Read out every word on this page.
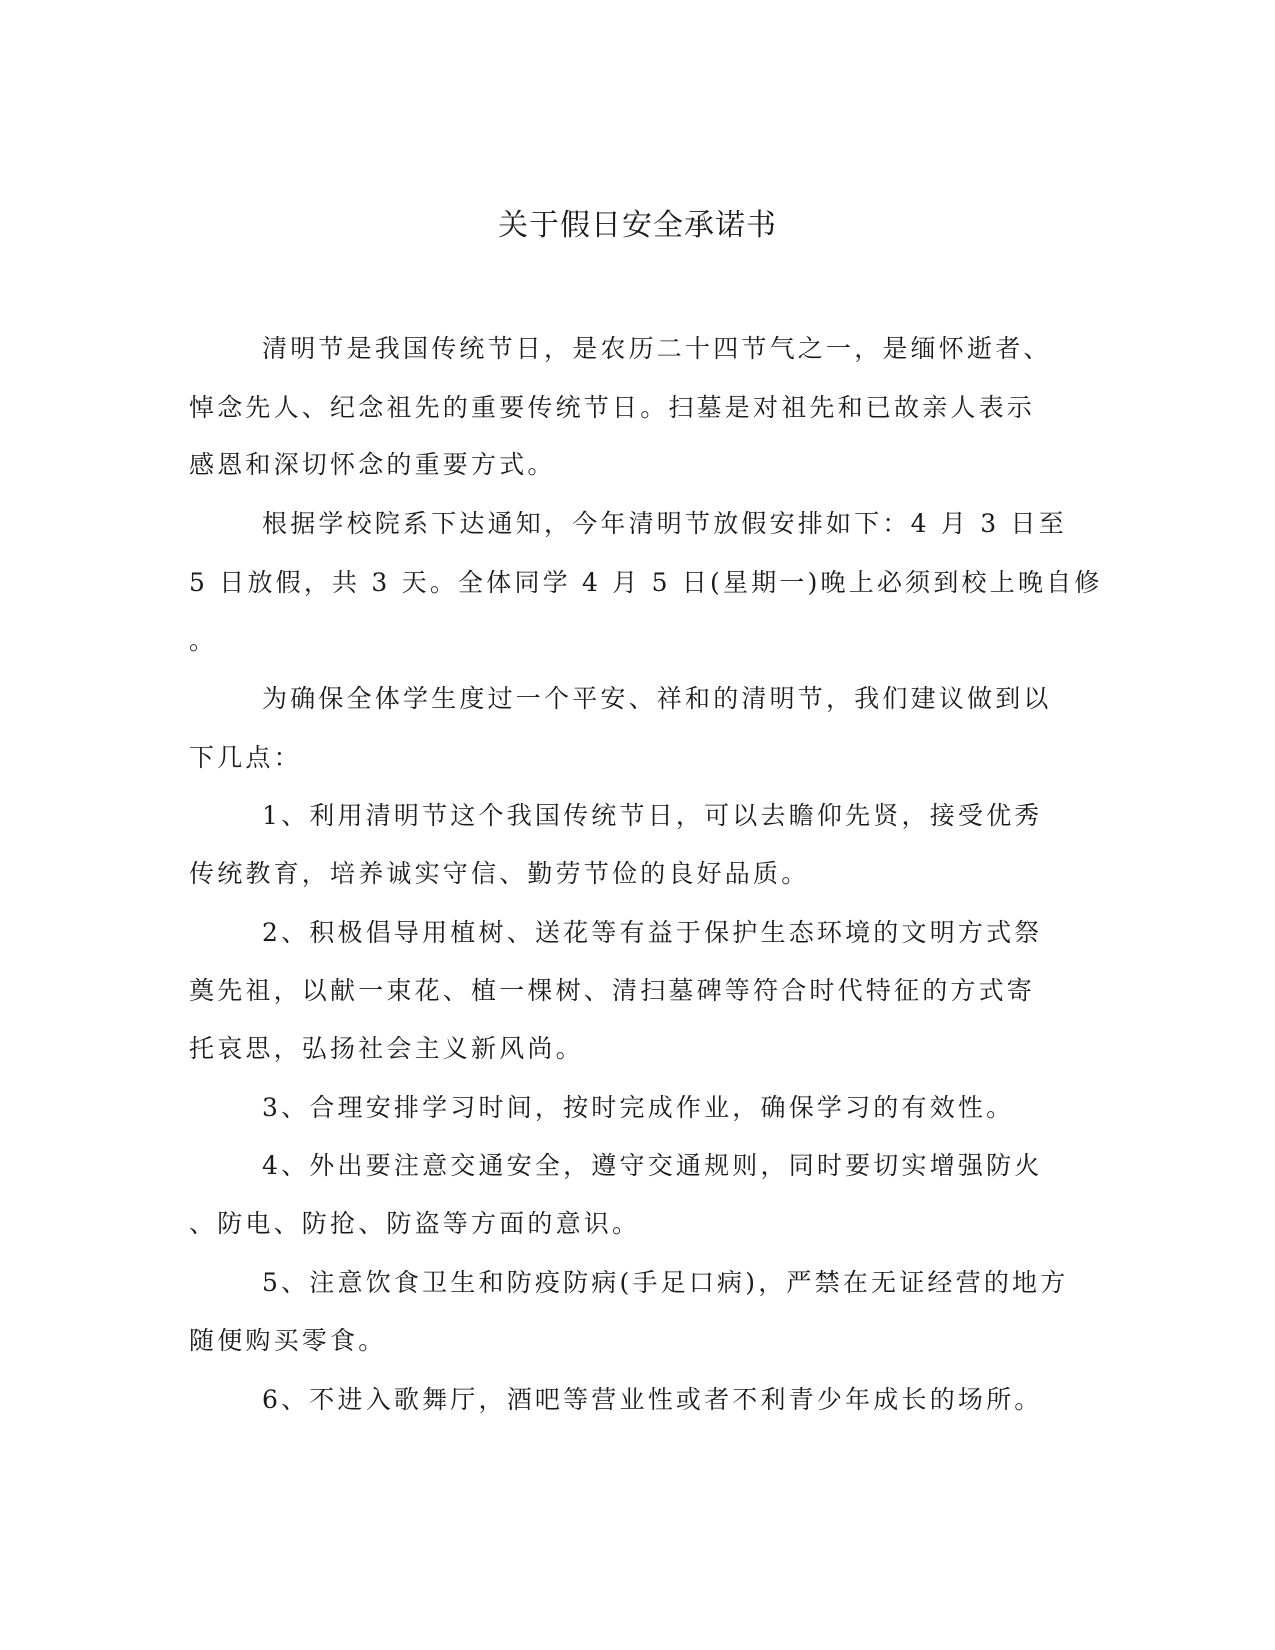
关于假日安全承诺书
清明节是我国传统节日，是农历二十四节气之一，是缅怀逝者、
悼念先人、纪念祖先的重要传统节日。扫墓是对祖先和已故亲人表示
感恩和深切怀念的重要方式。
根据学校院系下达通知，今年清明节放假安排如下：4 月 3 日至
5 日放假，共 3 天。全体同学 4 月 5 日(星期一)晚上必须到校上晚自修
。
为确保全体学生度过一个平安、祥和的清明节，我们建议做到以
下几点：
1、利用清明节这个我国传统节日，可以去瞻仰先贤，接受优秀
传统教育，培养诚实守信、勤劳节俭的良好品质。
2、积极倡导用植树、送花等有益于保护生态环境的文明方式祭
奠先祖，以献一束花、植一棵树、清扫墓碑等符合时代特征的方式寄
托哀思，弘扬社会主义新风尚。
3、合理安排学习时间，按时完成作业，确保学习的有效性。
4、外出要注意交通安全，遵守交通规则，同时要切实增强防火
、防电、防抢、防盗等方面的意识。
5、注意饮食卫生和防疫防病(手足口病)，严禁在无证经营的地方
随便购买零食。
6、不进入歌舞厅，酒吧等营业性或者不利青少年成长的场所。
